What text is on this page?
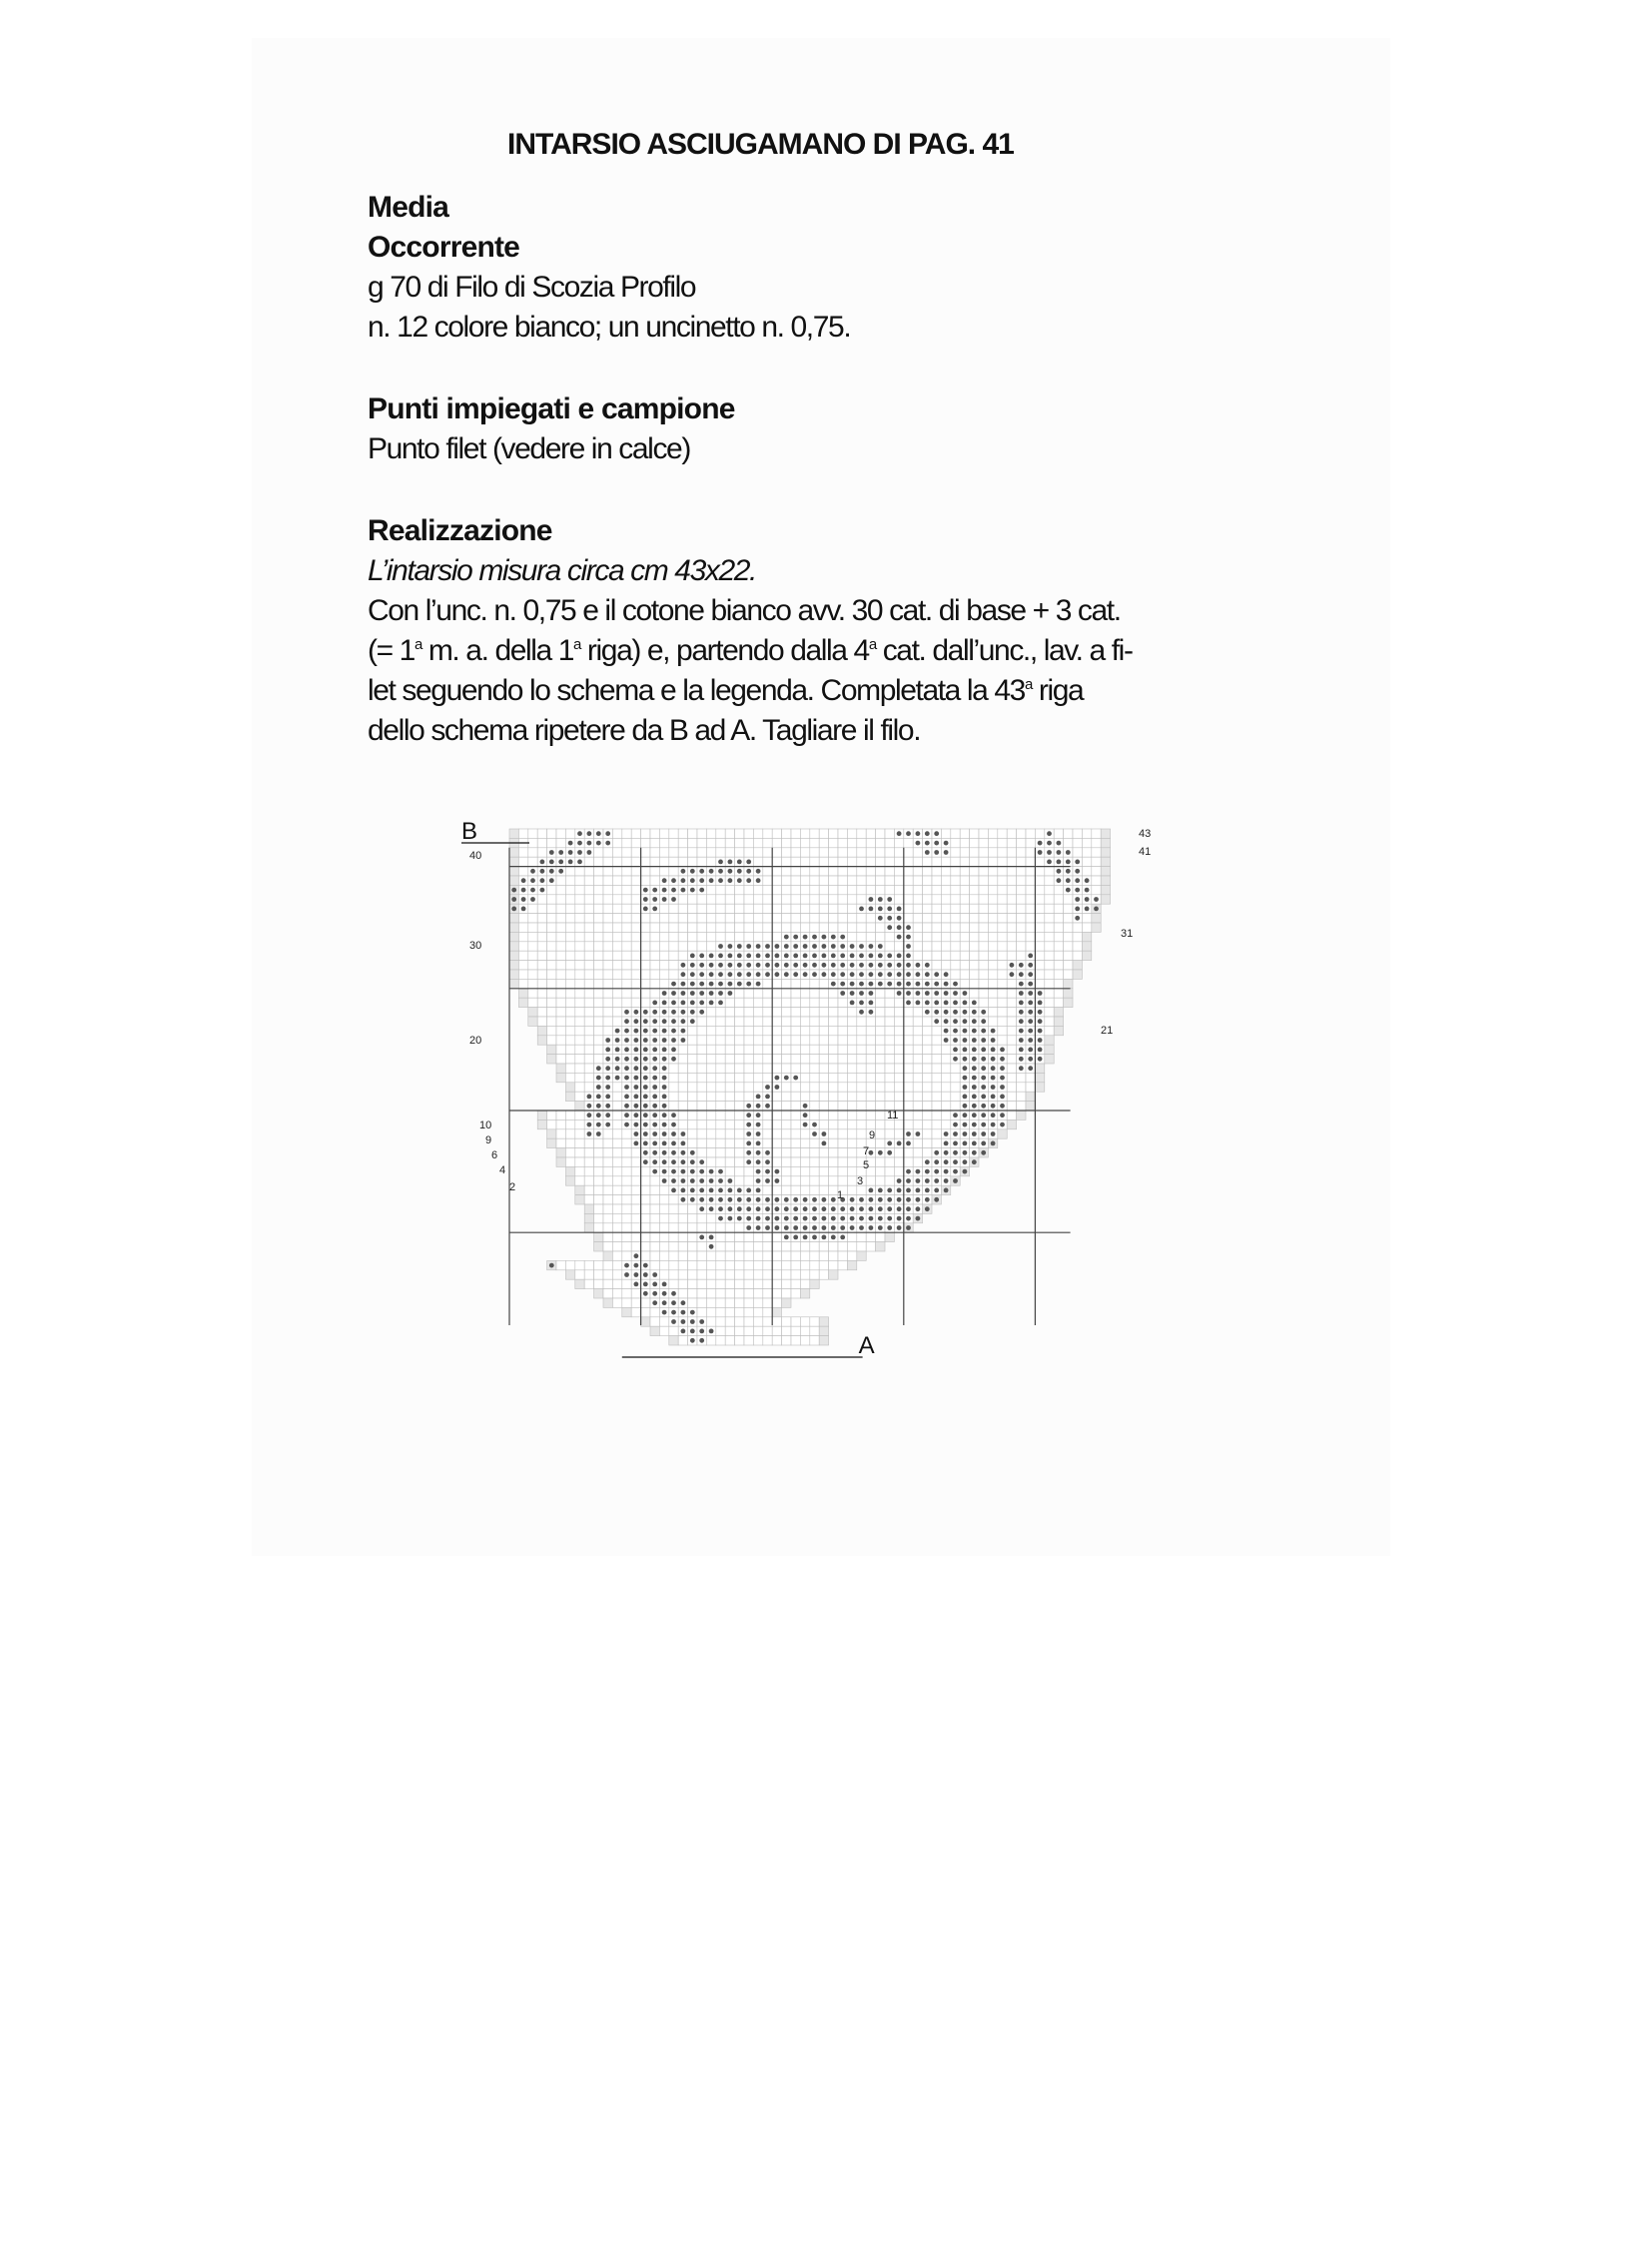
INTARSIO ASCIUGAMANO DI PAG. 41

Media

Occorrente

g 70 di Filo di Scozia Profilo

n. 12 colore bianco; un uncinetto n. 0,75.

Punti impiegati e campione

Punto filet (vedere in calce)

Realizzazione

L’intarsio misura circa cm 43x22.

Con l’unc. n. 0,75 e il cotone bianco avv. 30 cat. di base + 3 cat.

(= $1^a$ m. a. della 1$^a$ riga) e, partendo dalla 4$^a$ cat. dall’unc., lav. a fi-

let seguendo lo schema e la legenda. Completata la 43$^a$ riga

dello schema ripetere da B ad A. Tagliare il filo.

B
A
40
30
20
10
9
6
4
2
43
41
31
21
11
9
7
5
3
1
